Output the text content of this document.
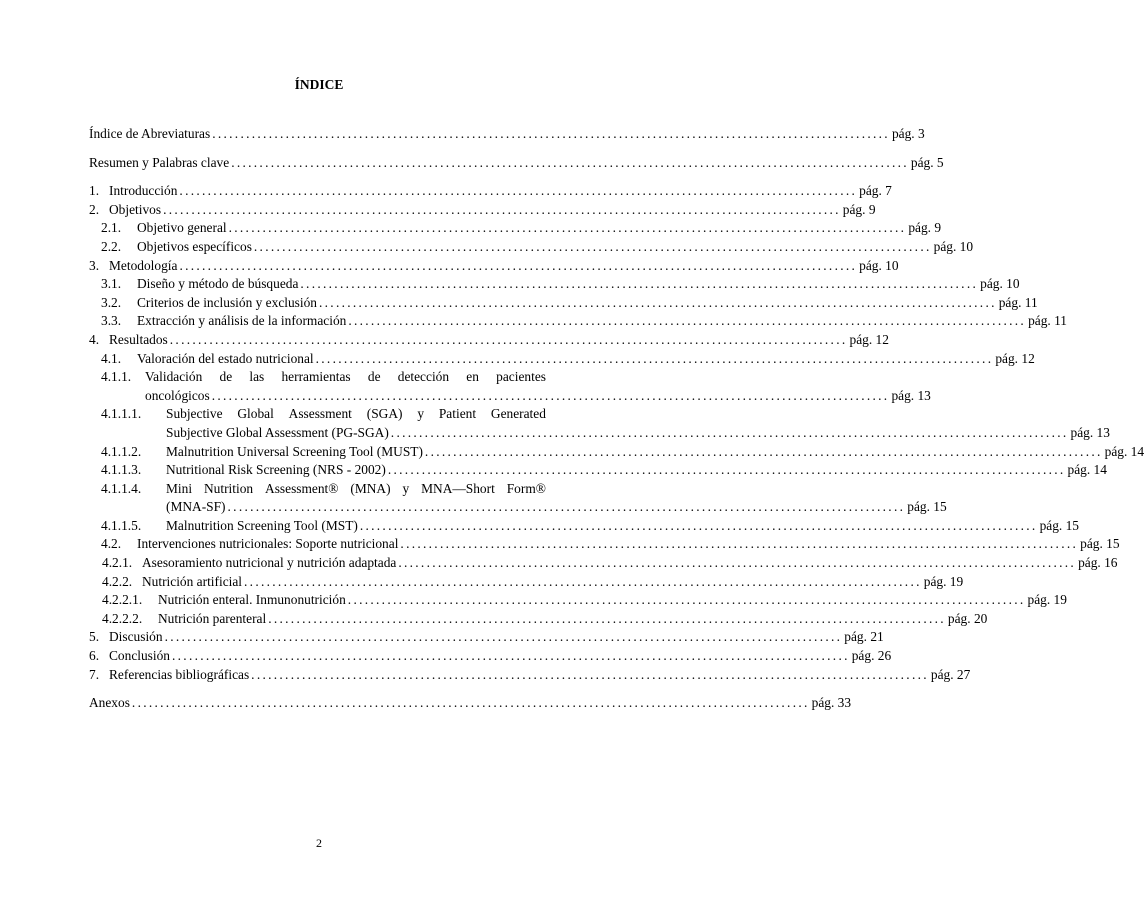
ÍNDICE
Índice de Abreviaturas ........................................................................................................................ pág. 3
Resumen y Palabras clave ........................................................................................................................ pág. 5
1. Introducción ........................................................................................................................ pág. 7
2. Objetivos ........................................................................................................................ pág. 9
2.1.	Objetivo general ........................................................................................................................ pág. 9
2.2.	Objetivos específicos ........................................................................................................................ pág. 10
3. Metodología ........................................................................................................................ pág. 10
3.1.	Diseño y método de búsqueda ........................................................................................................................ pág. 10
3.2.	Criterios de inclusión y exclusión ........................................................................................................................ pág. 11
3.3.	Extracción y análisis de la información ........................................................................................................................ pág. 11
4. Resultados ........................................................................................................................ pág. 12
4.1.	Valoración del estado nutricional ........................................................................................................................ pág. 12
4.1.1.	Validación de las herramientas de detección en pacientes
oncológicos ........................................................................................................................ pág. 13
4.1.1.1.	Subjective Global Assessment (SGA) y Patient Generated
Subjective Global Assessment (PG-SGA) ........................................................................................................................ pág. 13
4.1.1.2.	Malnutrition Universal Screening Tool (MUST) ........................................................................................................................ pág. 14
4.1.1.3.	Nutritional Risk Screening (NRS - 2002) ........................................................................................................................ pág. 14
4.1.1.4.	Mini Nutrition Assessment® (MNA) y MNA—Short Form®
(MNA-SF) ........................................................................................................................ pág. 15
4.1.1.5.	Malnutrition Screening Tool (MST) ........................................................................................................................ pág. 15
4.2.	Intervenciones nutricionales: Soporte nutricional ........................................................................................................................ pág. 15
4.2.1. Asesoramiento nutricional y nutrición adaptada ........................................................................................................................ pág. 16
4.2.2. Nutrición artificial ........................................................................................................................ pág. 19
4.2.2.1.	Nutrición enteral. Inmunonutrición ........................................................................................................................ pág. 19
4.2.2.2.	Nutrición parenteral ........................................................................................................................ pág. 20
5. Discusión ........................................................................................................................ pág. 21
6. Conclusión ........................................................................................................................ pág. 26
7. Referencias bibliográficas ........................................................................................................................ pág. 27
Anexos ........................................................................................................................ pág. 33
2
